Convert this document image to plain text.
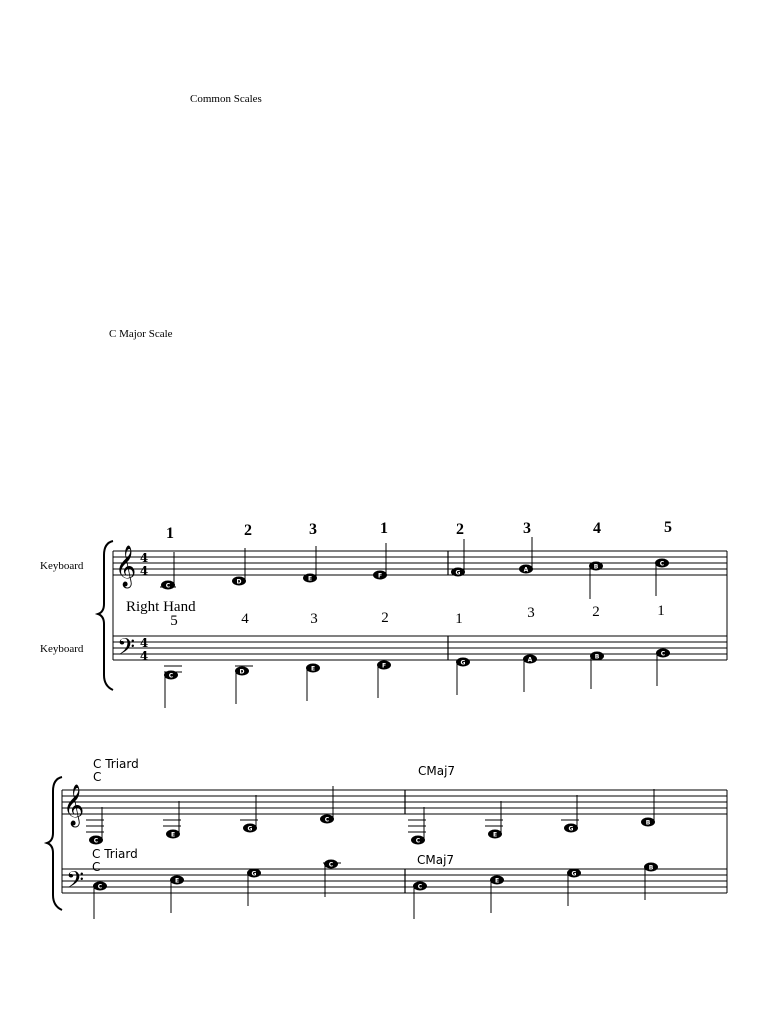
Common Scales
C Major Scale
Keyboard
Keyboard
𝄞
𝄢
4
4
4
4
1	2	3	1	2	3	4	5
Right Hand
5	4	3	2	1	3	2	1
C
D	E	F	G	A	B	C
C
D	E	F	G	A	B	C
𝄞
𝄢
C Triard
C	CMaj7
C Triard
C	CMaj7
C
E
G
C
C
E
G
B
C
E
G
C
C
E
G
B
